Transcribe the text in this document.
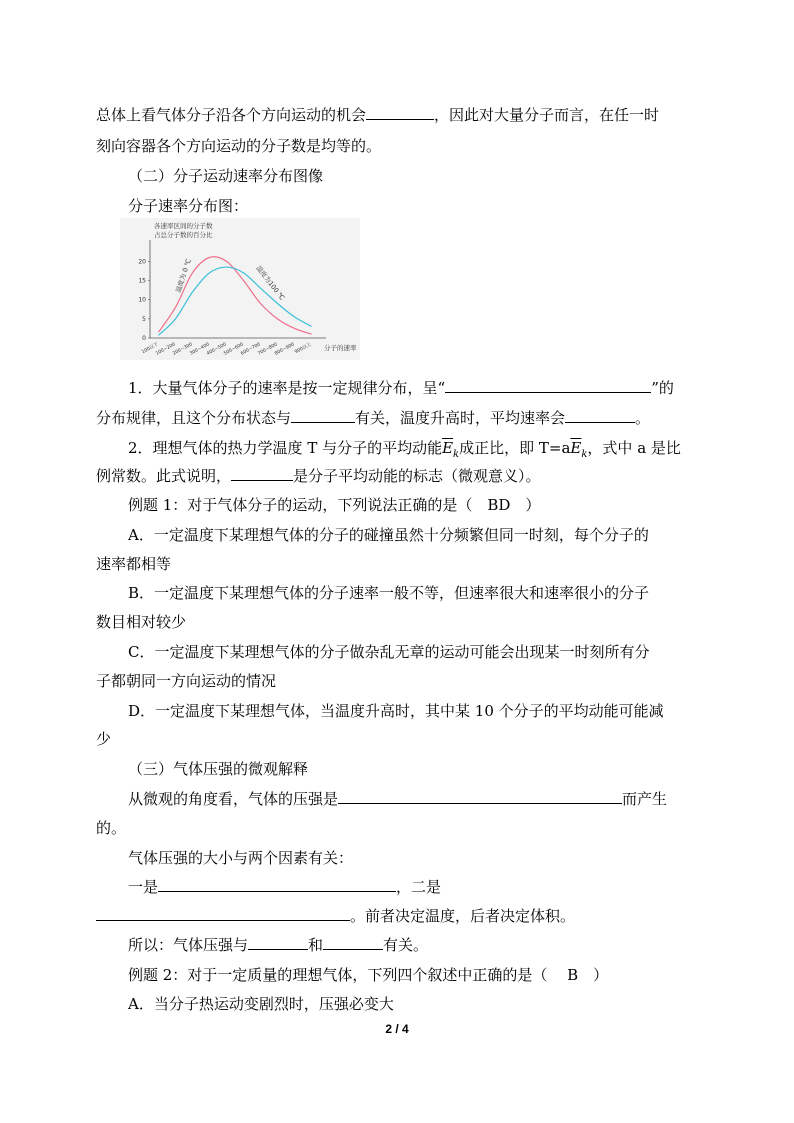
总体上看气体分子沿各个方向运动的机会	，因此对大量分子而言，在任一时
刻向容器各个方向运动的分子数是均等的。
（二）分子运动速率分布图像
分子速率分布图：
各速率区间的分子数
占总分子数的百分比
分子的速率
0
5
10
15
20
100以下
100~200
200~300
300~400
400~500
500~600
600~700
700~800
800~900
900以上
温度为 0 ℃	温度为100 ℃
1．大量气体分子的速率是按一定规律分布，呈“	”的
分布规律，且这个分布状态与	有关，温度升高时，平均速率会	。
2．理想气体的热力学温度 T 与分子的平均动能$\overline{E}_k$成正比，即 $T=a\overline{E}_k$，式中 a 是比
例常数。此式说明，	是分子平均动能的标志（微观意义）。
例题 1：对于气体分子的运动，下列说法正确的是（　BD　）
A．一定温度下某理想气体的分子的碰撞虽然十分频繁但同一时刻，每个分子的
速率都相等
B．一定温度下某理想气体的分子速率一般不等，但速率很大和速率很小的分子
数目相对较少
C．一定温度下某理想气体的分子做杂乱无章的运动可能会出现某一时刻所有分
子都朝同一方向运动的情况
D．一定温度下某理想气体，当温度升高时，其中某 10 个分子的平均动能可能减
少
（三）气体压强的微观解释
从微观的角度看，气体的压强是	而产生
的。
气体压强的大小与两个因素有关：
一是	，二是
。前者决定温度，后者决定体积。
所以：气体压强与	和	有关。
例题 2：对于一定质量的理想气体，下列四个叙述中正确的是（　 B　）
A．当分子热运动变剧烈时，压强必变大
2 / 4
